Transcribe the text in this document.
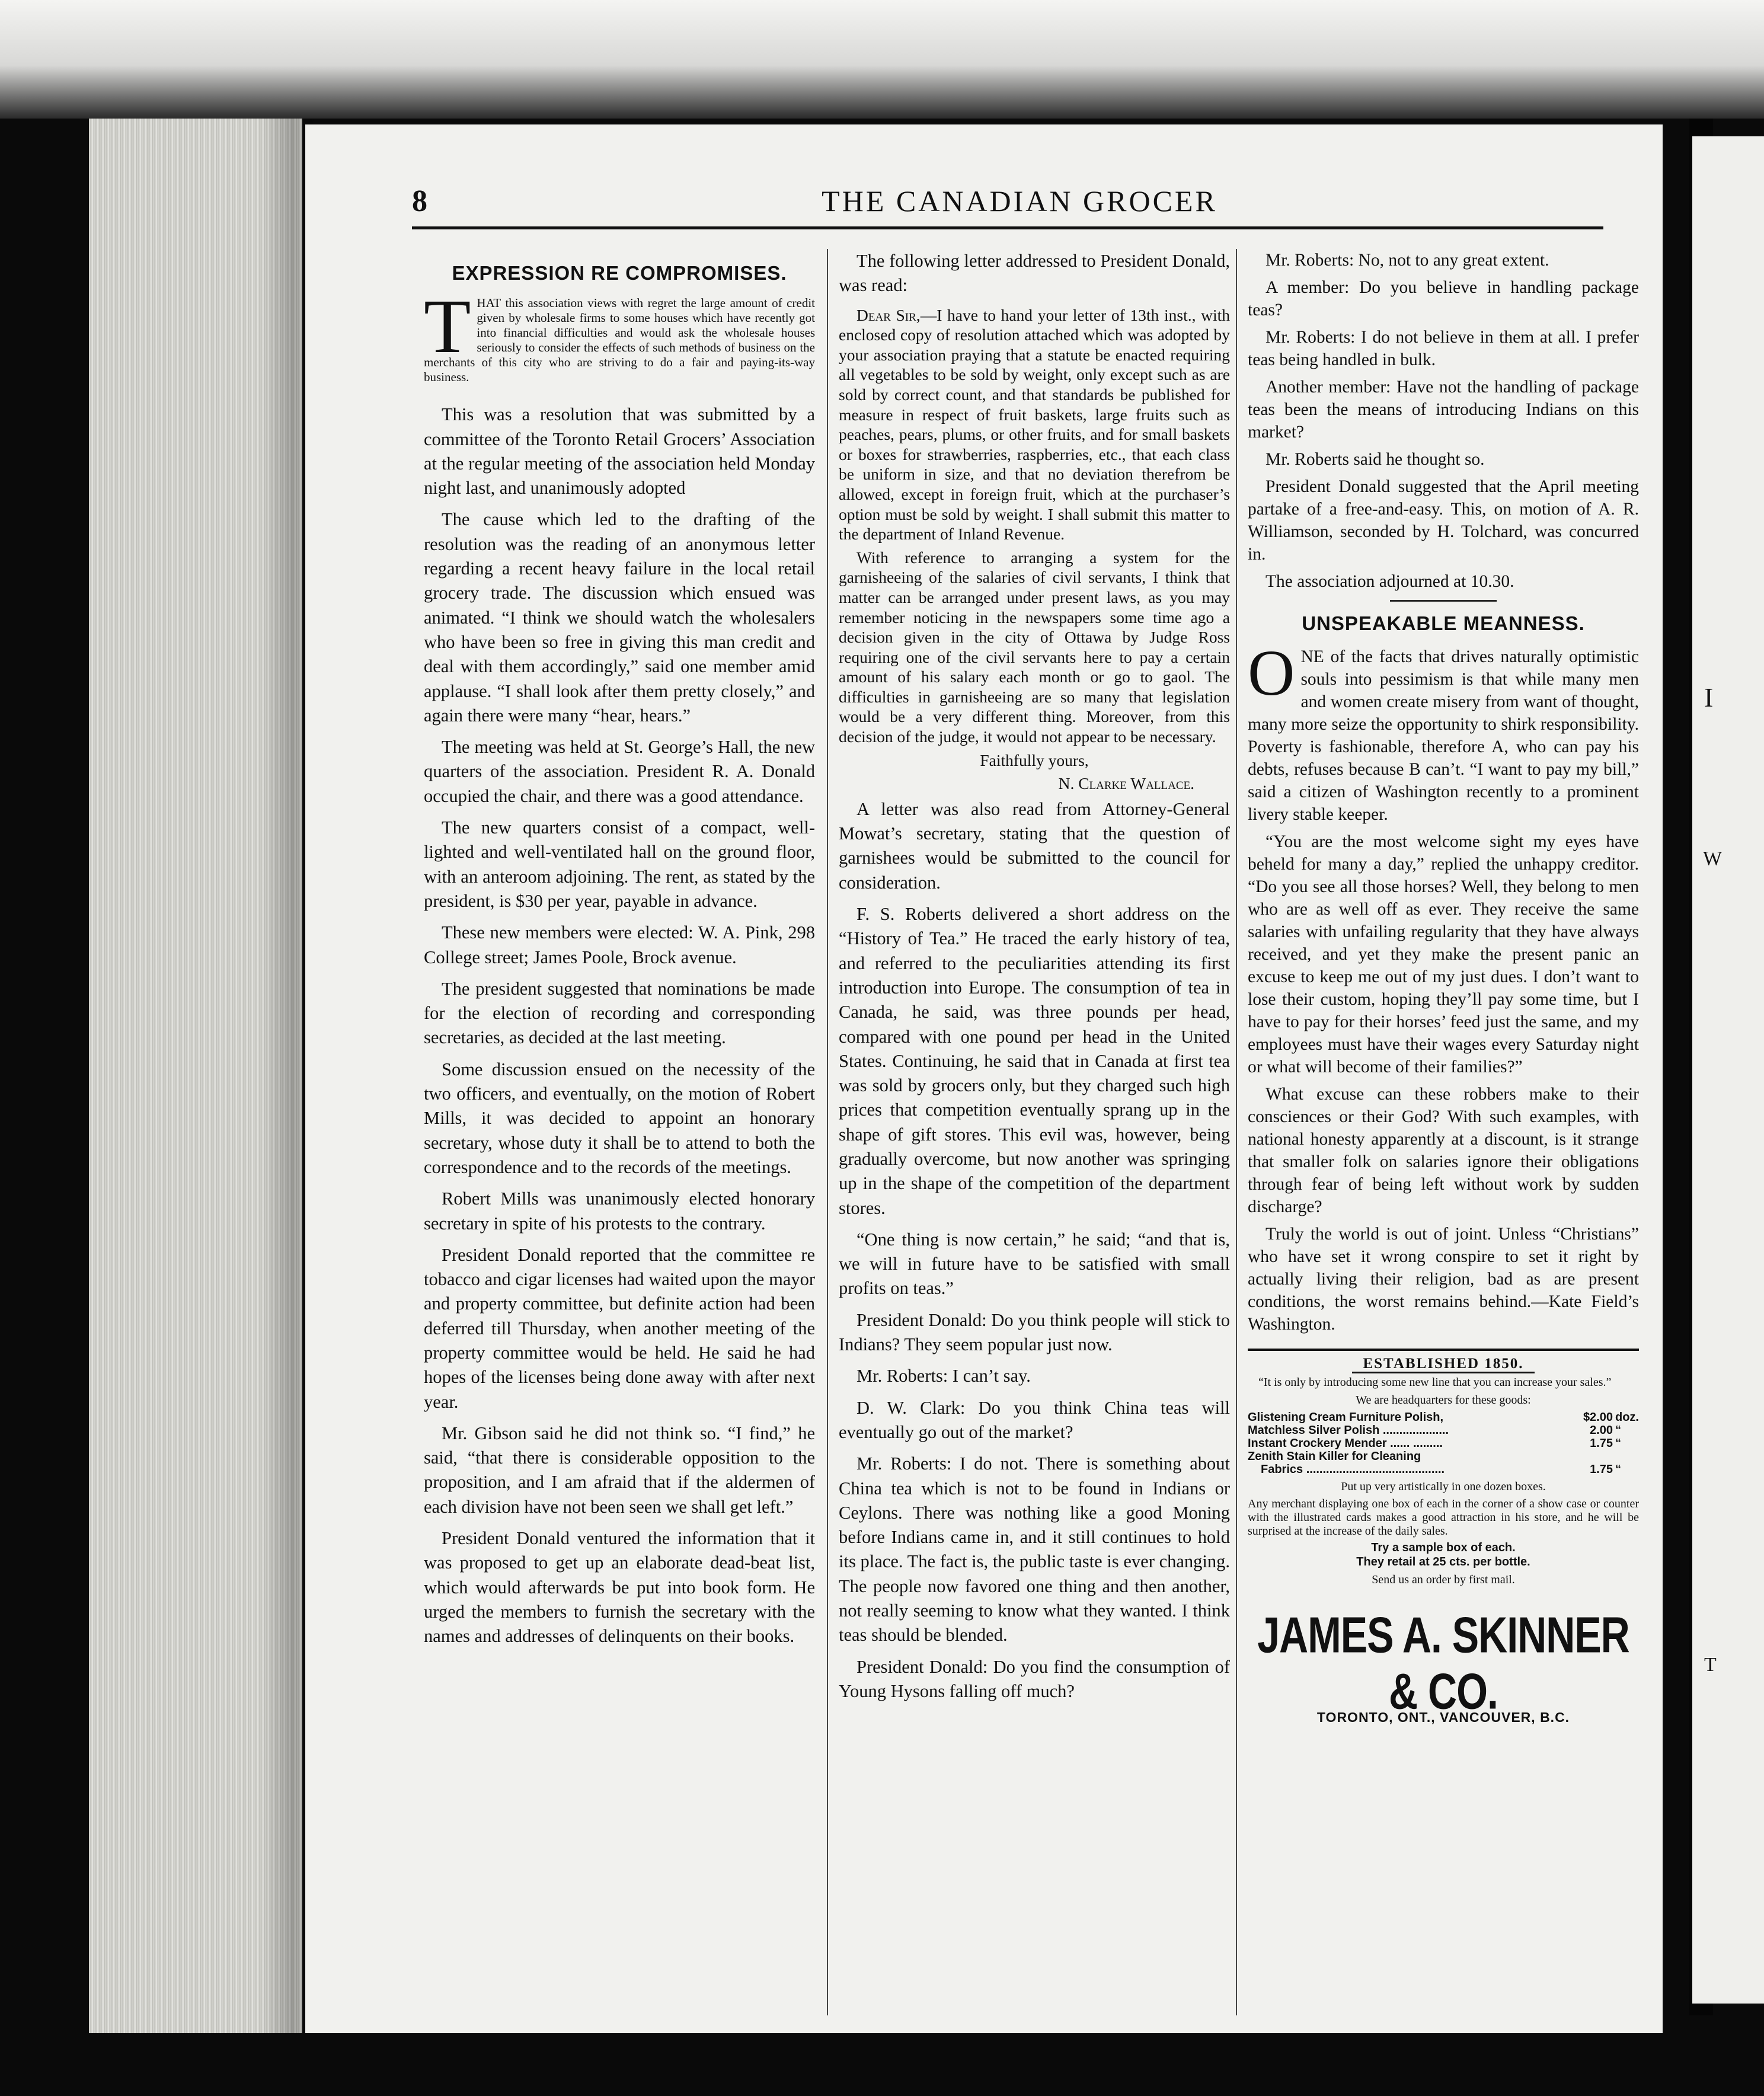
I
W
T
8	THE CANADIAN GROCER
EXPRESSION RE COMPROMISES.
T HAT this association views with regret the large amount of credit given by wholesale firms to some houses which have recently got into financial difficulties and would ask the wholesale houses seriously to consider the effects of such methods of business on the merchants of this city who are striving to do a fair and paying-its-way business.

This was a resolution that was submitted by a committee of the Toronto Retail Grocers’ Association at the regular meeting of the association held Monday night last, and unanimously adopted

The cause which led to the drafting of the resolution was the reading of an anonymous letter regarding a recent heavy failure in the local retail grocery trade. The discussion which ensued was animated. “I think we should watch the wholesalers who have been so free in giving this man credit and deal with them accordingly,” said one member amid applause. “I shall look after them pretty closely,” and again there were many “hear, hears.”

The meeting was held at St. George’s Hall, the new quarters of the association. President R. A. Donald occupied the chair, and there was a good attendance.

The new quarters consist of a compact, well-lighted and well-ventilated hall on the ground floor, with an anteroom adjoining. The rent, as stated by the president, is $30 per year, payable in advance.

These new members were elected: W. A. Pink, 298 College street; James Poole, Brock avenue.

The president suggested that nominations be made for the election of recording and corresponding secretaries, as decided at the last meeting.

Some discussion ensued on the necessity of the two officers, and eventually, on the motion of Robert Mills, it was decided to appoint an honorary secretary, whose duty it shall be to attend to both the correspondence and to the records of the meetings.

Robert Mills was unanimously elected honorary secretary in spite of his protests to the contrary.

President Donald reported that the committee re tobacco and cigar licenses had waited upon the mayor and property committee, but definite action had been deferred till Thursday, when another meeting of the property committee would be held. He said he had hopes of the licenses being done away with after next year.

Mr. Gibson said he did not think so. “I find,” he said, “that there is considerable opposition to the proposition, and I am afraid that if the aldermen of each division have not been seen we shall get left.”

President Donald ventured the information that it was proposed to get up an elaborate dead-beat list, which would afterwards be put into book form. He urged the members to furnish the secretary with the names and addresses of delinquents on their books.

The following letter addressed to President Donald, was read:

Dear Sir,—I have to hand your letter of 13th inst., with enclosed copy of resolution attached which was adopted by your association praying that a statute be enacted requiring all vegetables to be sold by weight, only except such as are sold by correct count, and that standards be published for measure in respect of fruit baskets, large fruits such as peaches, pears, plums, or other fruits, and for small baskets or boxes for strawberries, raspberries, etc., that each class be uniform in size, and that no deviation therefrom be allowed, except in foreign fruit, which at the purchaser’s option must be sold by weight. I shall submit this matter to the department of Inland Revenue.

With reference to arranging a system for the garnisheeing of the salaries of civil servants, I think that matter can be arranged under present laws, as you may remember noticing in the newspapers some time ago a decision given in the city of Ottawa by Judge Ross requiring one of the civil servants here to pay a certain amount of his salary each month or go to gaol. The difficulties in garnisheeing are so many that legislation would be a very different thing. Moreover, from this decision of the judge, it would not appear to be necessary.

Faithfully yours,

N. Clarke Wallace.

A letter was also read from Attorney-General Mowat’s secretary, stating that the question of garnishees would be submitted to the council for consideration.

F. S. Roberts delivered a short address on the “History of Tea.” He traced the early history of tea, and referred to the peculiarities attending its first introduction into Europe. The consumption of tea in Canada, he said, was three pounds per head, compared with one pound per head in the United States. Continuing, he said that in Canada at first tea was sold by grocers only, but they charged such high prices that competition eventually sprang up in the shape of gift stores. This evil was, however, being gradually overcome, but now another was springing up in the shape of the competition of the department stores.

“One thing is now certain,” he said; “and that is, we will in future have to be satisfied with small profits on teas.”

President Donald: Do you think people will stick to Indians? They seem popular just now.

Mr. Roberts: I can’t say.

D. W. Clark: Do you think China teas will eventually go out of the market?

Mr. Roberts: I do not. There is something about China tea which is not to be found in Indians or Ceylons. There was nothing like a good Moning before Indians came in, and it still continues to hold its place. The fact is, the public taste is ever changing. The people now favored one thing and then another, not really seeming to know what they wanted. I think teas should be blended.

President Donald: Do you find the consumption of Young Hysons falling off much?

Mr. Roberts: No, not to any great extent.

A member: Do you believe in handling package teas?

Mr. Roberts: I do not believe in them at all. I prefer teas being handled in bulk.

Another member: Have not the handling of package teas been the means of introducing Indians on this market?

Mr. Roberts said he thought so.

President Donald suggested that the April meeting partake of a free-and-easy. This, on motion of A. R. Williamson, seconded by H. Tolchard, was concurred in.

The association adjourned at 10.30.

UNSPEAKABLE MEANNESS.

ONE of the facts that drives naturally optimistic souls into pessimism is that while many men and women create misery from want of thought, many more seize the opportunity to shirk responsibility. Poverty is fashionable, therefore A, who can pay his debts, refuses because B can’t. “I want to pay my bill,” said a citizen of Washington recently to a prominent livery stable keeper.

“You are the most welcome sight my eyes have beheld for many a day,” replied the unhappy creditor. “Do you see all those horses? Well, they belong to men who are as well off as ever. They receive the same salaries with unfailing regularity that they have always received, and yet they make the present panic an excuse to keep me out of my just dues. I don’t want to lose their custom, hoping they’ll pay some time, but I have to pay for their horses’ feed just the same, and my employees must have their wages every Saturday night or what will become of their families?”

What excuse can these robbers make to their consciences or their God? With such examples, with national honesty apparently at a discount, is it strange that smaller folk on salaries ignore their obligations through fear of being left without work by sudden discharge?

Truly the world is out of joint. Unless “Christians” who have set it wrong conspire to set it right by actually living their religion, bad as are present conditions, the worst remains behind.—Kate Field’s Washington.

ESTABLISHED 1850.
“It is only by introducing some new line that you can increase your sales.”
We are headquarters for these goods:
Glistening Cream Furniture Polish,	$2.00	doz.
Matchless Silver Polish ....................	2.00	“
Instant Crockery Mender ...... .........	1.75	“
Zenith Stain Killer for Cleaning		
Fabrics ..........................................	1.75	“
Put up very artistically in one dozen boxes.
Any merchant displaying one box of each in the corner of a show case or counter with the illustrated cards makes a good attraction in his store, and he will be surprised at the increase of the daily sales.
Try a sample box of each.
They retail at 25 cts. per bottle.
Send us an order by first mail.
JAMES A. SKINNER & CO.
TORONTO, ONT., VANCOUVER, B.C.
